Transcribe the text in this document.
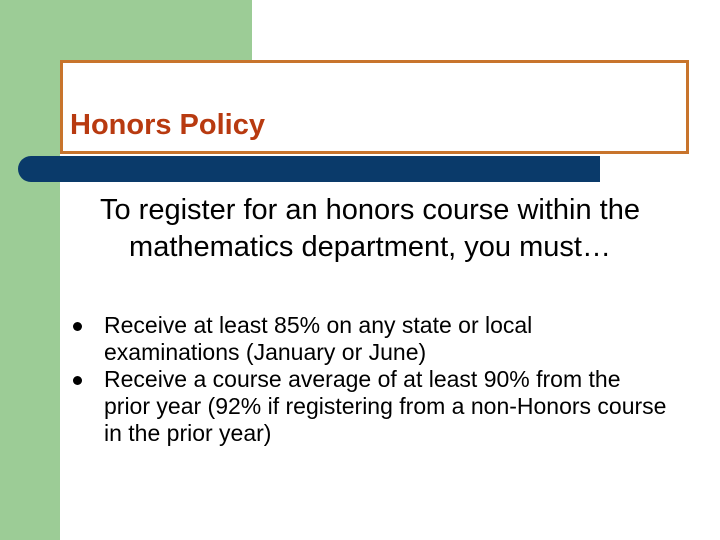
Honors Policy

To register for an honors course within the mathematics department, you must…

Receive at least 85% on any state or local examinations (January or June)
Receive a course average of at least 90% from the prior year (92% if registering from a non-Honors course in the prior year)
